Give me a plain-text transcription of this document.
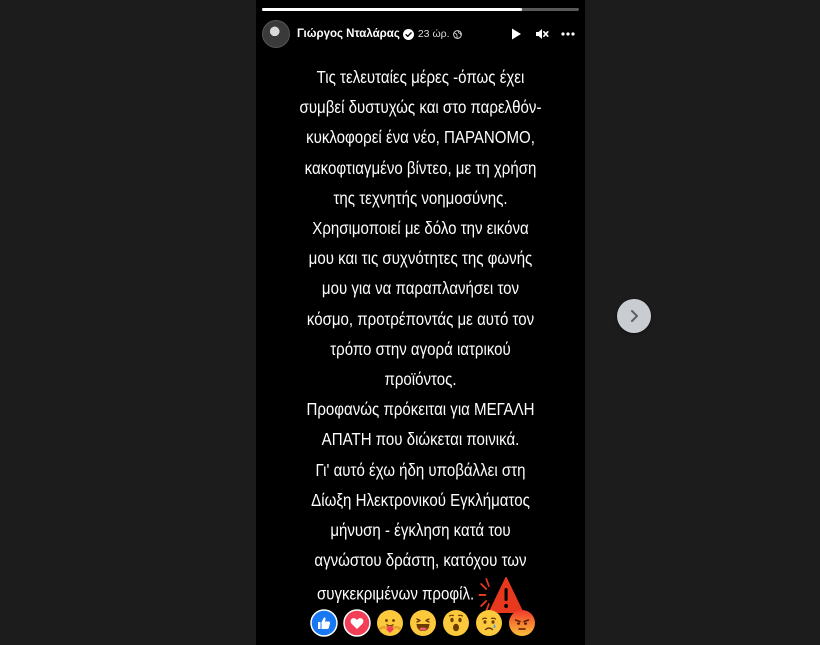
Γιώργος Νταλάρας 23 ώρ.

Τις τελευταίες μέρες -όπως έχει
συμβεί δυστυχώς και στο παρελθόν-
κυκλοφορεί ένα νέο, ΠΑΡΑΝΟΜΟ,
κακοφτιαγμένο βίντεο, με τη χρήση
της τεχνητής νοημοσύνης.
Χρησιμοποιεί με δόλο την εικόνα
μου και τις συχνότητες της φωνής
μου για να παραπλανήσει τον
κόσμο, προτρέποντάς με αυτό τον
τρόπο στην αγορά ιατρικού
προϊόντος.
Προφανώς πρόκειται για ΜΕΓΑΛΗ
ΑΠΑΤΗ που διώκεται ποινικά.
Γι' αυτό έχω ήδη υποβάλλει στη
Δίωξη Ηλεκτρονικού Εγκλήματος
μήνυση - έγκληση κατά του
αγνώστου δράστη, κατόχου των
συγκεκριμένων προφίλ.
